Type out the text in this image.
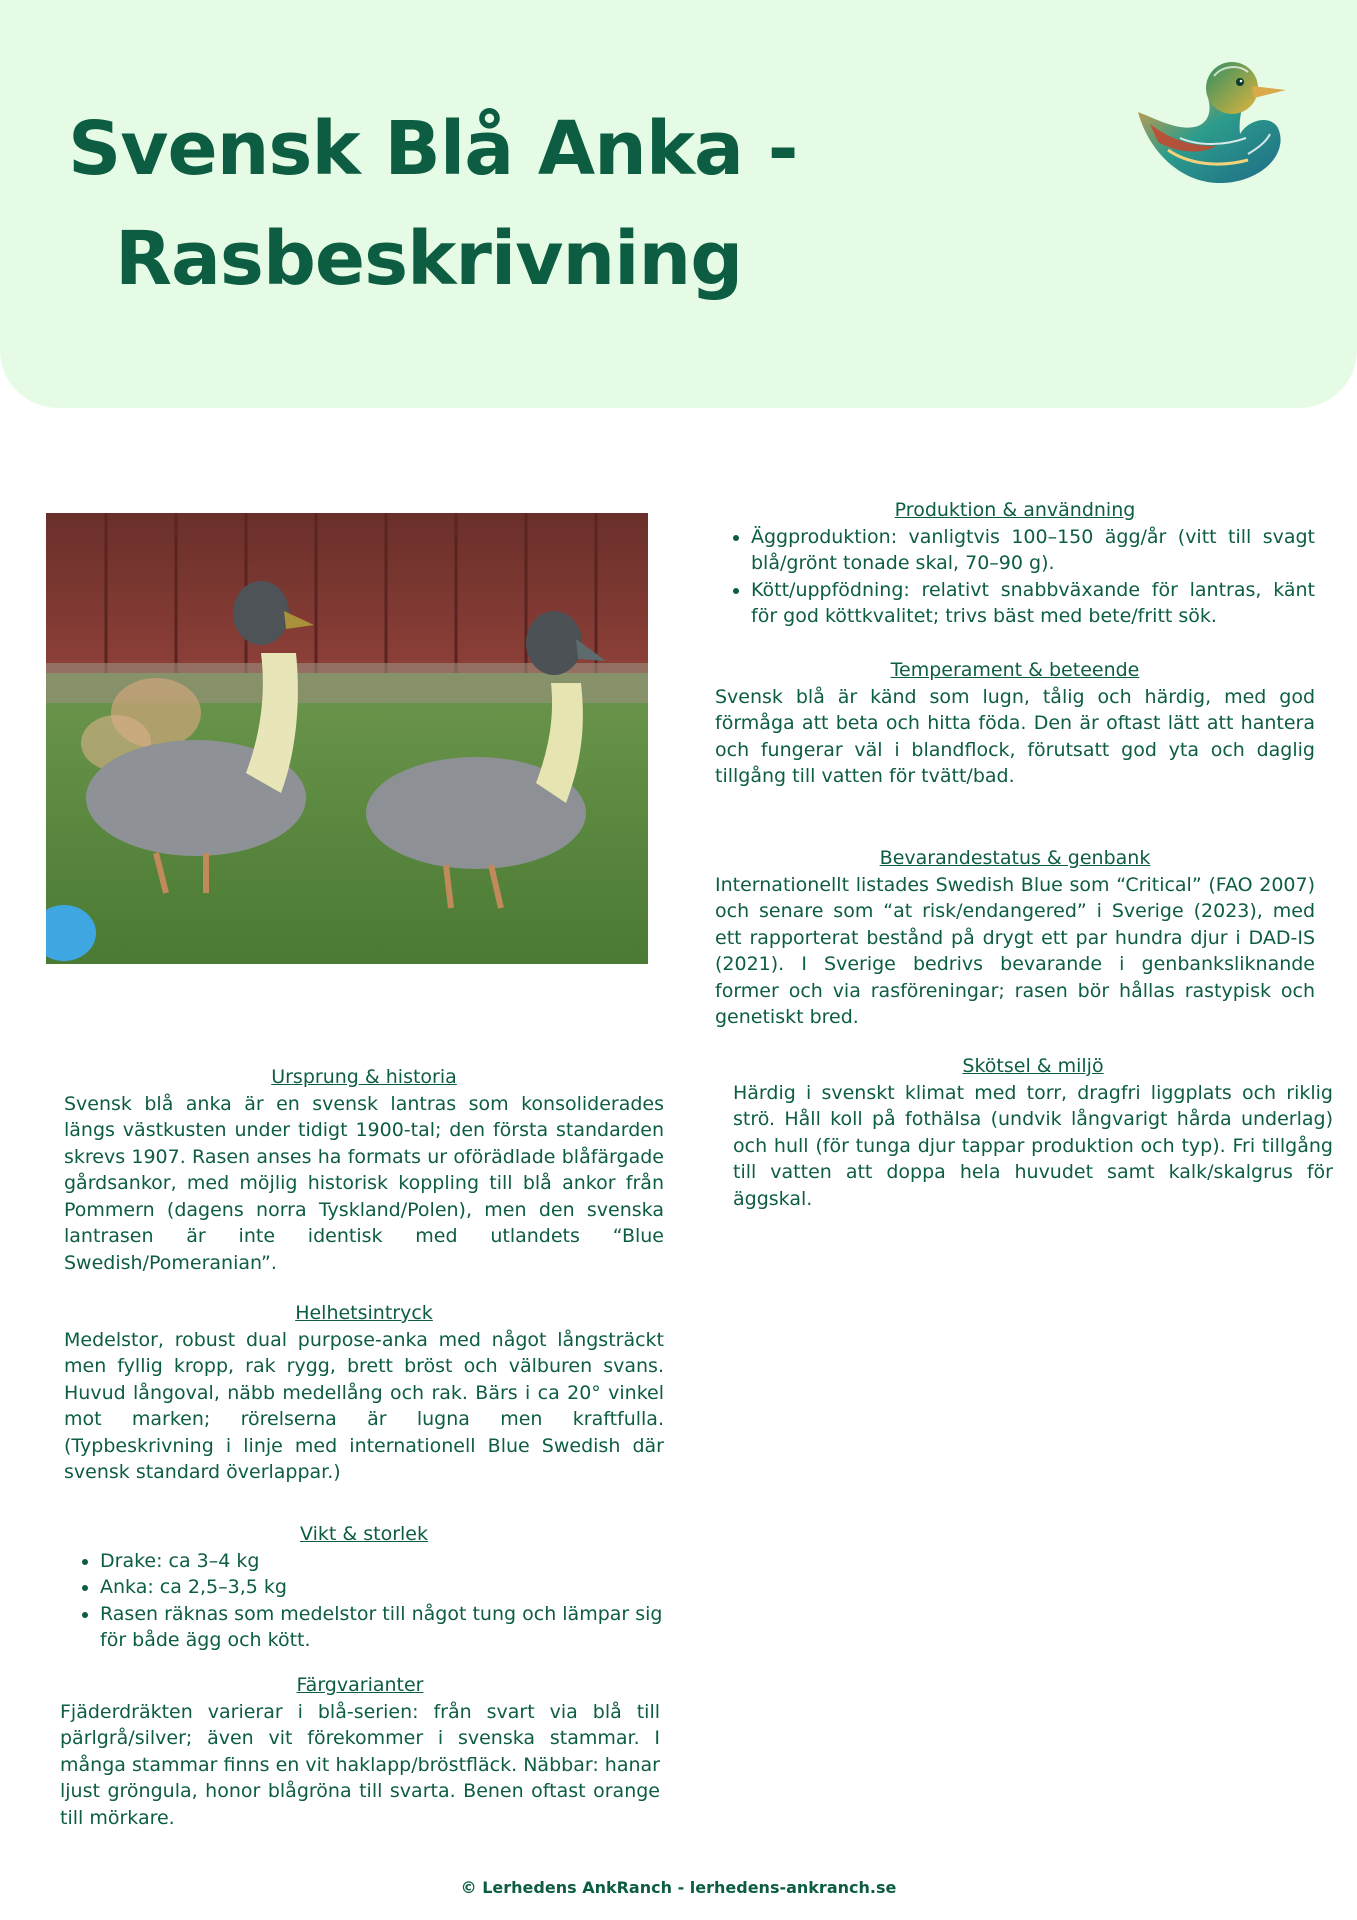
Svensk Blå Anka -
Rasbeskrivning
Produktion & användning
• Äggproduktion: vanligtvis 100–150 ägg/år (vitt till svagt blå/grönt tonade skal, 70–90 g).
• Kött/uppfödning: relativt snabbväxande för lantras, känt för god köttkvalitet; trivs bäst med bete/fritt sök.
Temperament & beteende

Svensk blå är känd som lugn, tålig och härdig, med god förmåga att beta och hitta föda. Den är oftast lätt att hantera och fungerar väl i blandflock, förutsatt god yta och daglig tillgång till vatten för tvätt/bad.

Bevarandestatus & genbank

Internationellt listades Swedish Blue som “Critical” (FAO 2007) och senare som “at risk/endangered” i Sverige (2023), med ett rapporterat bestånd på drygt ett par hundra djur i DAD-IS (2021). I Sverige bedrivs bevarande i genbanksliknande former och via rasföreningar; rasen bör hållas rastypisk och genetiskt bred.

Skötsel & miljö

Härdig i svenskt klimat med torr, dragfri liggplats och riklig strö. Håll koll på fothälsa (undvik långvarigt hårda underlag) och hull (för tunga djur tappar produktion och typ). Fri tillgång till vatten att doppa hela huvudet samt kalk/skalgrus för äggskal.

Ursprung & historia

Svensk blå anka är en svensk lantras som konsoliderades längs västkusten under tidigt 1900-tal; den första standarden skrevs 1907. Rasen anses ha formats ur oförädlade blåfärgade gårdsankor, med möjlig historisk koppling till blå ankor från Pommern (dagens norra Tyskland/Polen), men den svenska lantrasen är inte identisk med utlandets “Blue Swedish/Pomeranian”.

Helhetsintryck

Medelstor, robust dual purpose-anka med något långsträckt men fyllig kropp, rak rygg, brett bröst och välburen svans. Huvud långoval, näbb medellång och rak. Bärs i ca 20° vinkel mot marken; rörelserna är lugna men kraftfulla. (Typbeskrivning i linje med internationell Blue Swedish där svensk standard överlappar.)

Vikt & storlek
• Drake: ca 3–4 kg
• Anka: ca 2,5–3,5 kg
• Rasen räknas som medelstor till något tung och lämpar sig för både ägg och kött.
Färgvarianter

Fjäderdräkten varierar i blå-serien: från svart via blå till pärlgrå/silver; även vit förekommer i svenska stammar. I många stammar finns en vit haklapp/bröstfläck. Näbbar: hanar ljust gröngula, honor blågröna till svarta. Benen oftast orange till mörkare.

© Lerhedens AnkRanch - lerhedens-ankranch.se
